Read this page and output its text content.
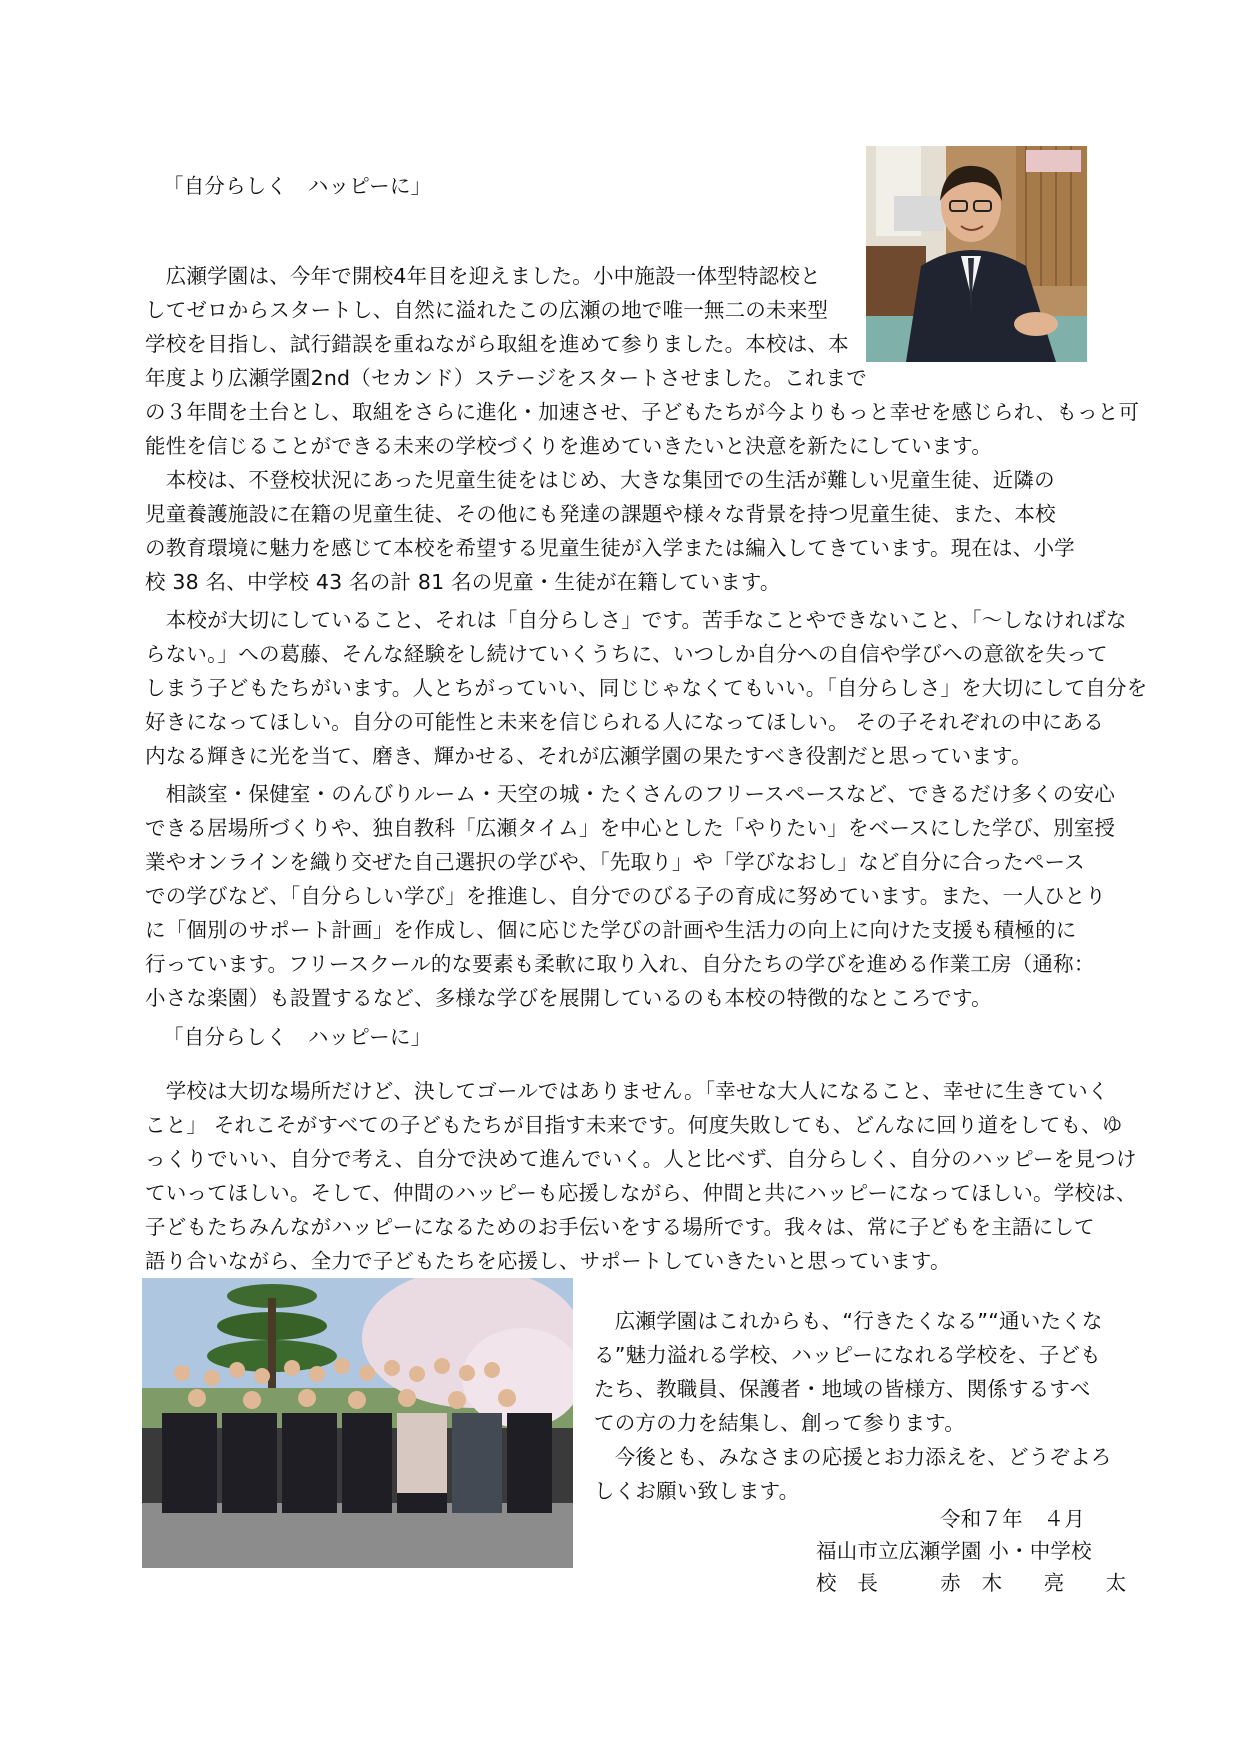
「自分らしく　ハッピーに」
　広瀬学園は、今年で開校4年目を迎えました。小中施設一体型特認校と
してゼロからスタートし、自然に溢れたこの広瀬の地で唯一無二の未来型
学校を目指し、試行錯誤を重ねながら取組を進めて参りました。本校は、本
年度より広瀬学園2nd（セカンド）ステージをスタートさせました。これまで
の３年間を土台とし、取組をさらに進化・加速させ、子どもたちが今よりもっと幸せを感じられ、もっと可
能性を信じることができる未来の学校づくりを進めていきたいと決意を新たにしています。
　本校は、不登校状況にあった児童生徒をはじめ、大きな集団での生活が難しい児童生徒、近隣の
児童養護施設に在籍の児童生徒、その他にも発達の課題や様々な背景を持つ児童生徒、また、本校
の教育環境に魅力を感じて本校を希望する児童生徒が入学または編入してきています。現在は、小学
校 38 名、中学校 43 名の計 81 名の児童・生徒が在籍しています。
　本校が大切にしていること、それは「自分らしさ」です。苦手なことやできないこと、「～しなければな
らない。」への葛藤、そんな経験をし続けていくうちに、いつしか自分への自信や学びへの意欲を失って
しまう子どもたちがいます。人とちがっていい、同じじゃなくてもいい。「自分らしさ」を大切にして自分を
好きになってほしい。自分の可能性と未来を信じられる人になってほしい。 その子それぞれの中にある
内なる輝きに光を当て、磨き、輝かせる、それが広瀬学園の果たすべき役割だと思っています。
　相談室・保健室・のんびりルーム・天空の城・たくさんのフリースペースなど、できるだけ多くの安心
できる居場所づくりや、独自教科「広瀬タイム」を中心とした「やりたい」をベースにした学び、別室授
業やオンラインを織り交ぜた自己選択の学びや、「先取り」や「学びなおし」など自分に合ったペース
での学びなど、「自分らしい学び」を推進し、自分でのびる子の育成に努めています。また、一人ひとり
に「個別のサポート計画」を作成し、個に応じた学びの計画や生活力の向上に向けた支援も積極的に
行っています。フリースクール的な要素も柔軟に取り入れ、自分たちの学びを進める作業工房（通称：
小さな楽園）も設置するなど、多様な学びを展開しているのも本校の特徴的なところです。
「自分らしく　ハッピーに」
　学校は大切な場所だけど、決してゴールではありません。「幸せな大人になること、幸せに生きていく
こと」 それこそがすべての子どもたちが目指す未来です。何度失敗しても、どんなに回り道をしても、ゆ
っくりでいい、自分で考え、自分で決めて進んでいく。人と比べず、自分らしく、自分のハッピーを見つけ
ていってほしい。そして、仲間のハッピーも応援しながら、仲間と共にハッピーになってほしい。学校は、
子どもたちみんながハッピーになるためのお手伝いをする場所です。我々は、常に子どもを主語にして
語り合いながら、全力で子どもたちを応援し、サポートしていきたいと思っています。
　広瀬学園はこれからも、“行きたくなる”“通いたくな
る”魅力溢れる学校、ハッピーになれる学校を、子ども
たち、教職員、保護者・地域の皆様方、関係するすべ
ての方の力を結集し、創って参ります。
　今後とも、みなさまの応援とお力添えを、どうぞよろ
しくお願い致します。
令和７年　４月
福山市立広瀬学園 小・中学校
校　長　　　赤　木　　亮　　太
